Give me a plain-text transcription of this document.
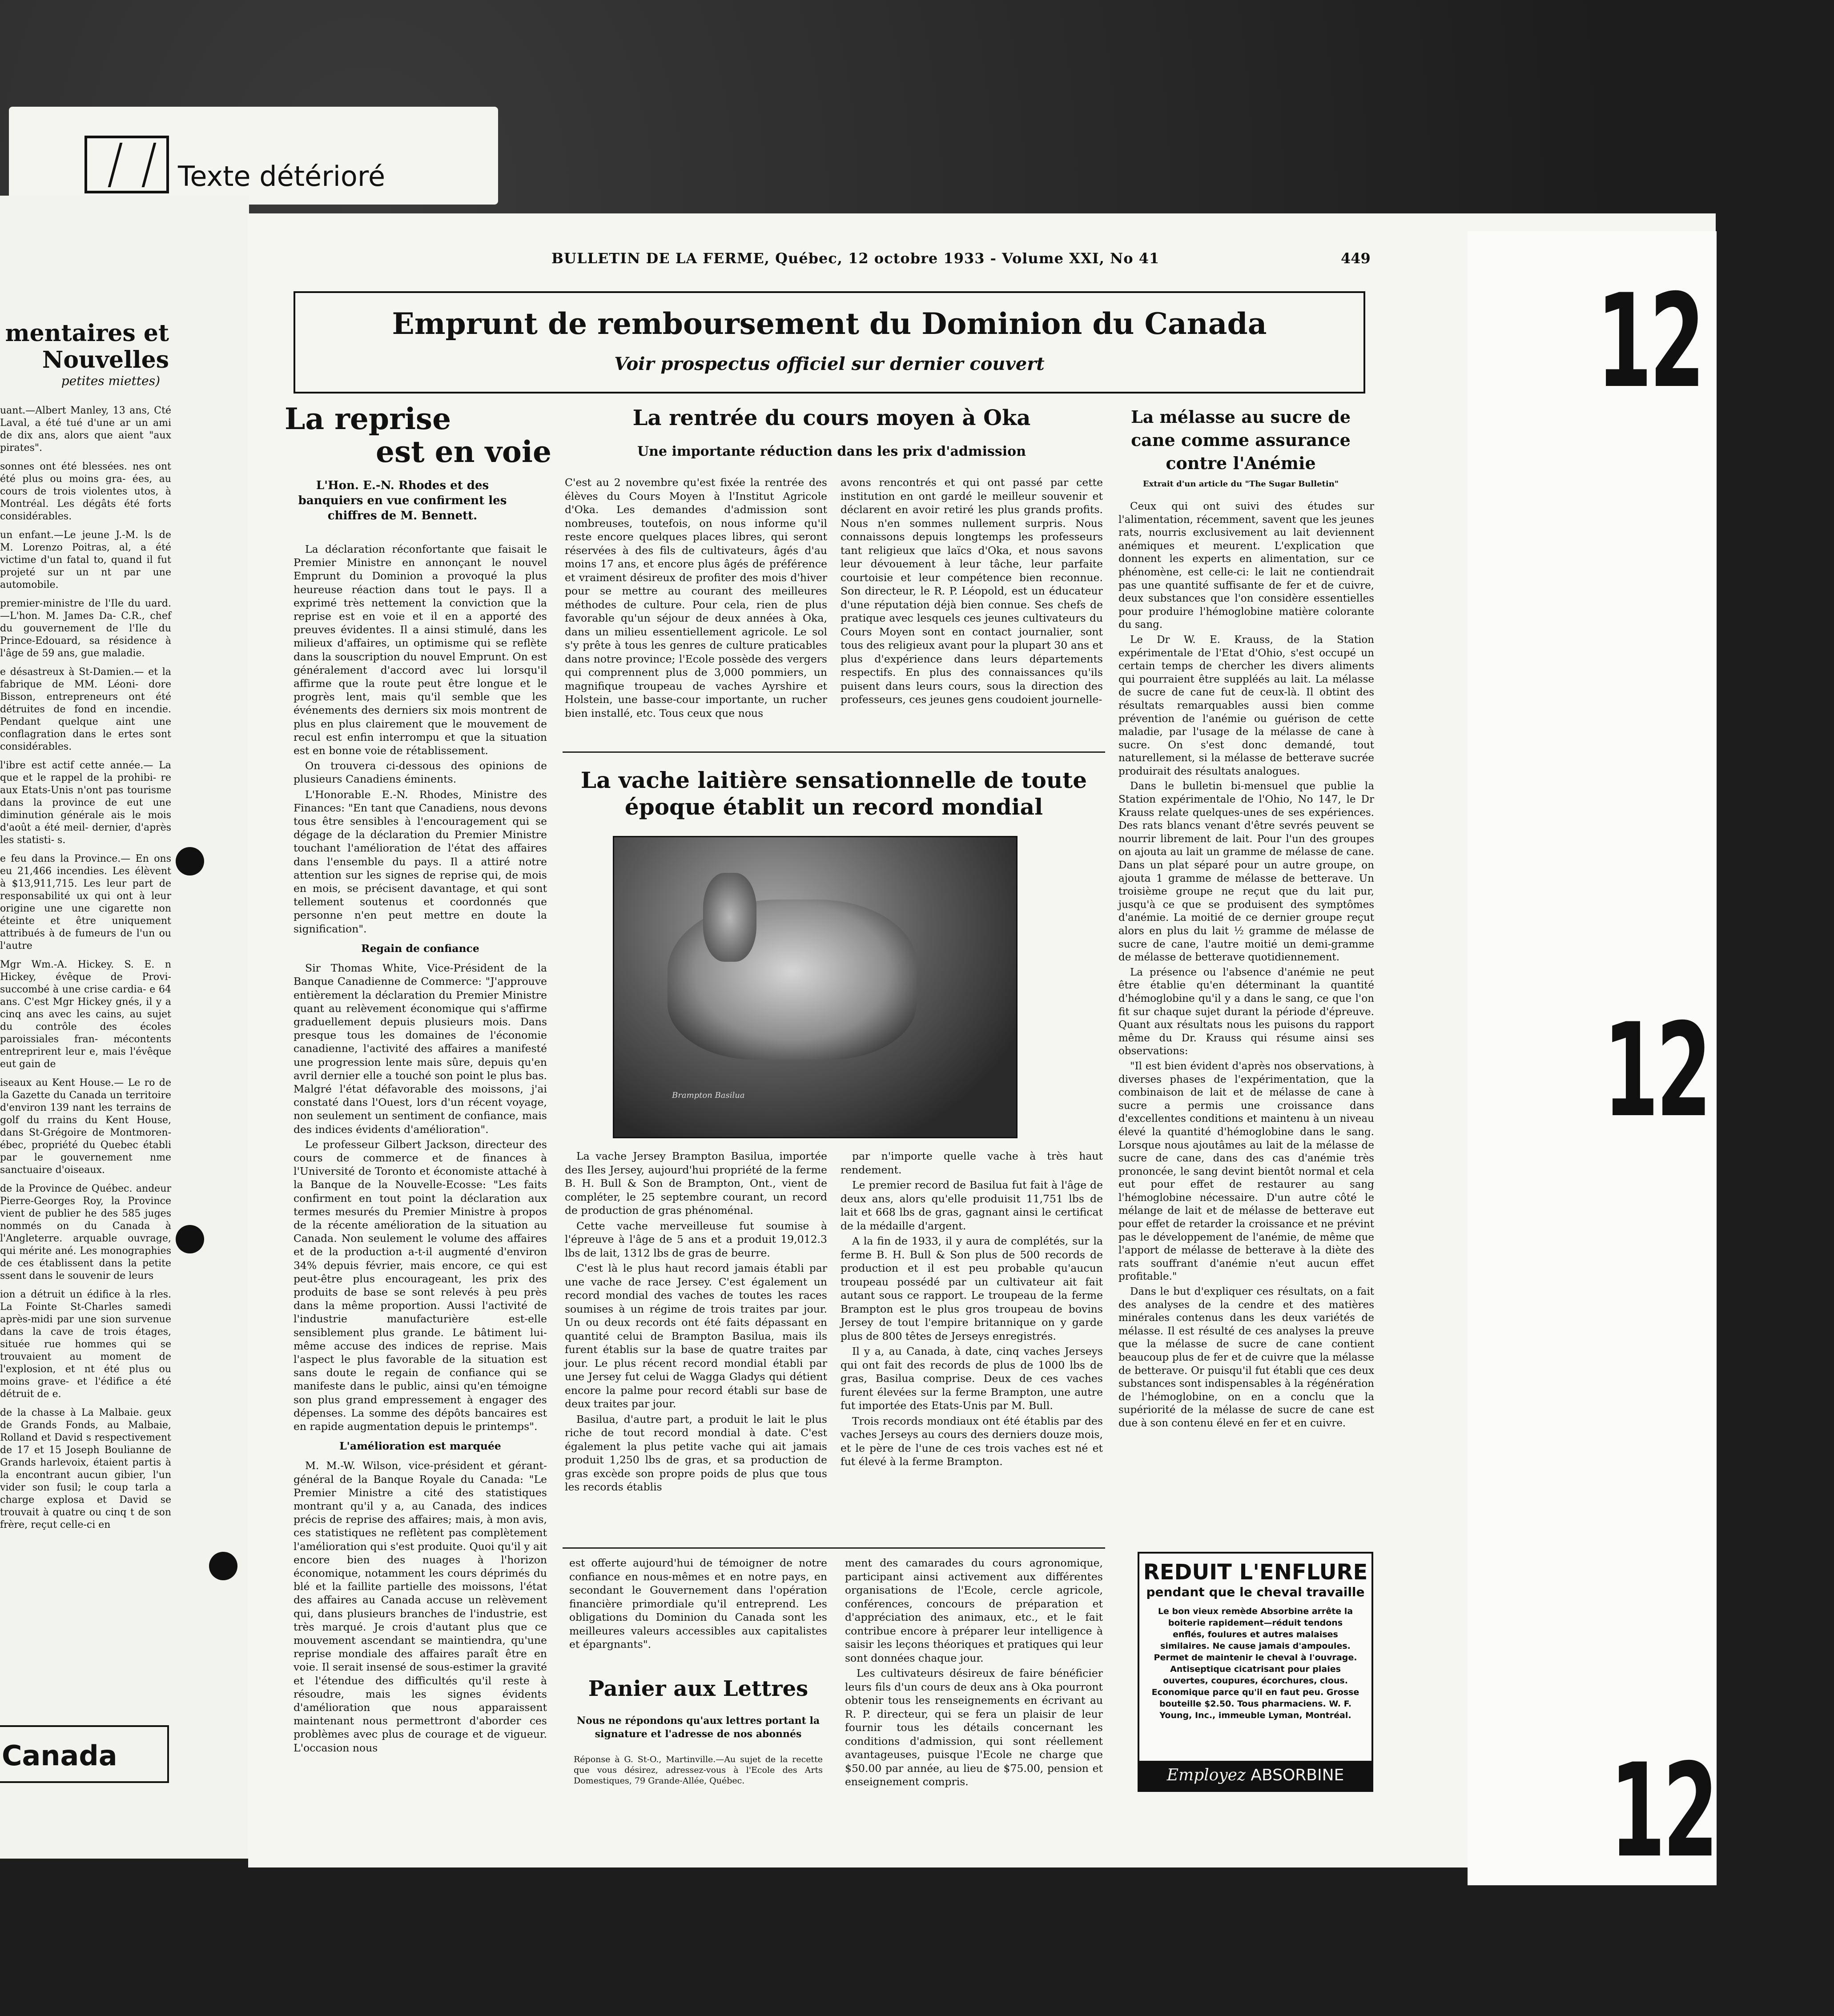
Texte détérioré
mentaires et Nouvelles
petites miettes)

uant.—Albert Manley, 13 ans, Cté Laval, a été tué d'une ar un ami de dix ans, alors que aient "aux pirates".

sonnes ont été blessées. nes ont été plus ou moins gra- ées, au cours de trois violentes utos, à Montréal. Les dégâts été forts considérables.

un enfant.—Le jeune J.-M. ls de M. Lorenzo Poitras, al, a été victime d'un fatal to, quand il fut projeté sur un nt par une automobile.

premier-ministre de l'Ile du uard.—L'hon. M. James Da- C.R., chef du gouvernement de l'Ile du Prince-Edouard, sa résidence à l'âge de 59 ans, gue maladie.

e désastreux à St-Damien.— et la fabrique de MM. Léoni- dore Bisson, entrepreneurs ont été détruites de fond en incendie. Pendant quelque aint une conflagration dans le ertes sont considérables.

l'ibre est actif cette année.— La que et le rappel de la prohibi- re aux Etats-Unis n'ont pas tourisme dans la province de eut une diminution générale ais le mois d'août a été meil- dernier, d'après les statisti- s.

e feu dans la Province.— En ons eu 21,466 incendies. Les élèvent à $13,911,715. Les leur part de responsabilité ux qui ont à leur origine une une cigarette non éteinte et être uniquement attribués à de fumeurs de l'un ou l'autre

Mgr Wm.-A. Hickey. S. E. n Hickey, évêque de Provi- succombé à une crise cardia- e 64 ans. C'est Mgr Hickey gnés, il y a cinq ans avec les cains, au sujet du contrôle des écoles paroissiales fran- mécontents entreprirent leur e, mais l'évêque eut gain de

iseaux au Kent House.— Le ro de la Gazette du Canada un territoire d'environ 139 nant les terrains de golf du rrains du Kent House, dans St-Grégoire de Montmoren- ébec, propriété du Quebec établi par le gouvernement nme sanctuaire d'oiseaux.

de la Province de Québec. andeur Pierre-Georges Roy, la Province vient de publier he des 585 juges nommés on du Canada à l'Angleterre. arquable ouvrage, qui mérite ané. Les monographies de ces établissent dans la petite ssent dans le souvenir de leurs

ion a détruit un édifice à la rles. La Fointe St-Charles samedi après-midi par une sion survenue dans la cave de trois étages, située rue hommes qui se trouvaient au moment de l'explosion, et nt été plus ou moins grave- et l'édifice a été détruit de e.

de la chasse à La Malbaie. geux de Grands Fonds, au Malbaie, Rolland et David s respectivement de 17 et 15 Joseph Boulianne de Grands harlevoix, étaient partis à la encontrant aucun gibier, l'un vider son fusil; le coup tarla a charge explosa et David se trouvait à quatre ou cinq t de son frère, reçut celle-ci en

Canada
12
12
12
BULLETIN DE LA FERME, Québec, 12 octobre 1933 - Volume XXI, No 41	449
Emprunt de remboursement du Dominion du Canada
Voir prospectus officiel sur dernier couvert
La reprise
est en voie
L'Hon. E.-N. Rhodes et des banquiers en vue confirment les chiffres de M. Bennett.

La déclaration réconfortante que faisait le Premier Ministre en annonçant le nouvel Emprunt du Dominion a provoqué la plus heureuse réaction dans tout le pays. Il a exprimé très nettement la conviction que la reprise est en voie et il en a apporté des preuves évidentes. Il a ainsi stimulé, dans les milieux d'affaires, un optimisme qui se reflète dans la souscription du nouvel Emprunt. On est généralement d'accord avec lui lorsqu'il affirme que la route peut être longue et le progrès lent, mais qu'il semble que les événements des derniers six mois montrent de plus en plus clairement que le mouvement de recul est enfin interrompu et que la situation est en bonne voie de rétablissement.

On trouvera ci-dessous des opinions de plusieurs Canadiens éminents.

L'Honorable E.-N. Rhodes, Ministre des Finances: "En tant que Canadiens, nous devons tous être sensibles à l'encouragement qui se dégage de la déclaration du Premier Ministre touchant l'amélioration de l'état des affaires dans l'ensemble du pays. Il a attiré notre attention sur les signes de reprise qui, de mois en mois, se précisent davantage, et qui sont tellement soutenus et coordonnés que personne n'en peut mettre en doute la signification".

Regain de confiance

Sir Thomas White, Vice-Président de la Banque Canadienne de Commerce: "J'approuve entièrement la déclaration du Premier Ministre quant au relèvement économique qui s'affirme graduellement depuis plusieurs mois. Dans presque tous les domaines de l'économie canadienne, l'activité des affaires a manifesté une progression lente mais sûre, depuis qu'en avril dernier elle a touché son point le plus bas. Malgré l'état défavorable des moissons, j'ai constaté dans l'Ouest, lors d'un récent voyage, non seulement un sentiment de confiance, mais des indices évidents d'amélioration".

Le professeur Gilbert Jackson, directeur des cours de commerce et de finances à l'Université de Toronto et économiste attaché à la Banque de la Nouvelle-Ecosse: "Les faits confirment en tout point la déclaration aux termes mesurés du Premier Ministre à propos de la récente amélioration de la situation au Canada. Non seulement le volume des affaires et de la production a-t-il augmenté d'environ 34% depuis février, mais encore, ce qui est peut-être plus encourageant, les prix des produits de base se sont relevés à peu près dans la même proportion. Aussi l'activité de l'industrie manufacturière est-elle sensiblement plus grande. Le bâtiment lui-même accuse des indices de reprise. Mais l'aspect le plus favorable de la situation est sans doute le regain de confiance qui se manifeste dans le public, ainsi qu'en témoigne son plus grand empressement à engager des dépenses. La somme des dépôts bancaires est en rapide augmentation depuis le printemps".

L'amélioration est marquée

M. M.-W. Wilson, vice-président et gérant-général de la Banque Royale du Canada: "Le Premier Ministre a cité des statistiques montrant qu'il y a, au Canada, des indices précis de reprise des affaires; mais, à mon avis, ces statistiques ne reflètent pas complètement l'amélioration qui s'est produite. Quoi qu'il y ait encore bien des nuages à l'horizon économique, notamment les cours déprimés du blé et la faillite partielle des moissons, l'état des affaires au Canada accuse un relèvement qui, dans plusieurs branches de l'industrie, est très marqué. Je crois d'autant plus que ce mouvement ascendant se maintiendra, qu'une reprise mondiale des affaires paraît être en voie. Il serait insensé de sous-estimer la gravité et l'étendue des difficultés qu'il reste à résoudre, mais les signes évidents d'amélioration que nous apparaissent maintenant nous permettront d'aborder ces problèmes avec plus de courage et de vigueur. L'occasion nous

La rentrée du cours moyen à Oka
Une importante réduction dans les prix d'admission
C'est au 2 novembre qu'est fixée la rentrée des élèves du Cours Moyen à l'Institut Agricole d'Oka. Les demandes d'admission sont nombreuses, toutefois, on nous informe qu'il reste encore quelques places libres, qui seront réservées à des fils de cultivateurs, âgés d'au moins 17 ans, et encore plus âgés de préférence et vraiment désireux de profiter des mois d'hiver pour se mettre au courant des meilleures méthodes de culture. Pour cela, rien de plus favorable qu'un séjour de deux années à Oka, dans un milieu essentiellement agricole. Le sol s'y prête à tous les genres de culture praticables dans notre province; l'Ecole possède des vergers qui comprennent plus de 3,000 pommiers, un magnifique troupeau de vaches Ayrshire et Holstein, une basse-cour importante, un rucher bien installé, etc. Tous ceux que nous
avons rencontrés et qui ont passé par cette institution en ont gardé le meilleur souvenir et déclarent en avoir retiré les plus grands profits. Nous n'en sommes nullement surpris. Nous connaissons depuis longtemps les professeurs tant religieux que laïcs d'Oka, et nous savons leur dévouement à leur tâche, leur parfaite courtoisie et leur compétence bien reconnue. Son directeur, le R. P. Léopold, est un éducateur d'une réputation déjà bien connue. Ses chefs de pratique avec lesquels ces jeunes cultivateurs du Cours Moyen sont en contact journalier, sont tous des religieux avant pour la plupart 30 ans et plus d'expérience dans leurs départements respectifs. En plus des connaissances qu'ils puisent dans leurs cours, sous la direction des professeurs, ces jeunes gens coudoient journelle-
La vache laitière sensationnelle de toute
époque établit un record mondial
Brampton Basilua

La vache Jersey Brampton Basilua, importée des Iles Jersey, aujourd'hui propriété de la ferme B. H. Bull & Son de Brampton, Ont., vient de compléter, le 25 septembre courant, un record de production de gras phénoménal.

Cette vache merveilleuse fut soumise à l'épreuve à l'âge de 5 ans et a produit 19,012.3 lbs de lait, 1312 lbs de gras de beurre.

C'est là le plus haut record jamais établi par une vache de race Jersey. C'est également un record mondial des vaches de toutes les races soumises à un régime de trois traites par jour. Un ou deux records ont été faits dépassant en quantité celui de Brampton Basilua, mais ils furent établis sur la base de quatre traites par jour. Le plus récent record mondial établi par une Jersey fut celui de Wagga Gladys qui détient encore la palme pour record établi sur base de deux traites par jour.

Basilua, d'autre part, a produit le lait le plus riche de tout record mondial à date. C'est également la plus petite vache qui ait jamais produit 1,250 lbs de gras, et sa production de gras excède son propre poids de plus que tous les records établis

par n'importe quelle vache à très haut rendement.

Le premier record de Basilua fut fait à l'âge de deux ans, alors qu'elle produisit 11,751 lbs de lait et 668 lbs de gras, gagnant ainsi le certificat de la médaille d'argent.

A la fin de 1933, il y aura de complétés, sur la ferme B. H. Bull & Son plus de 500 records de production et il est peu probable qu'aucun troupeau possédé par un cultivateur ait fait autant sous ce rapport. Le troupeau de la ferme Brampton est le plus gros troupeau de bovins Jersey de tout l'empire britannique on y garde plus de 800 têtes de Jerseys enregistrés.

Il y a, au Canada, à date, cinq vaches Jerseys qui ont fait des records de plus de 1000 lbs de gras, Basilua comprise. Deux de ces vaches furent élevées sur la ferme Brampton, une autre fut importée des Etats-Unis par M. Bull.

Trois records mondiaux ont été établis par des vaches Jerseys au cours des derniers douze mois, et le père de l'une de ces trois vaches est né et fut élevé à la ferme Brampton.

est offerte aujourd'hui de témoigner de notre confiance en nous-mêmes et en notre pays, en secondant le Gouvernement dans l'opération financière primordiale qu'il entreprend. Les obligations du Dominion du Canada sont les meilleures valeurs accessibles aux capitalistes et épargnants".

ment des camarades du cours agronomique, participant ainsi activement aux différentes organisations de l'Ecole, cercle agricole, conférences, concours de préparation et d'appréciation des animaux, etc., et le fait contribue encore à préparer leur intelligence à saisir les leçons théoriques et pratiques qui leur sont données chaque jour.

Les cultivateurs désireux de faire bénéficier leurs fils d'un cours de deux ans à Oka pourront obtenir tous les renseignements en écrivant au R. P. directeur, qui se fera un plaisir de leur fournir tous les détails concernant les conditions d'admission, qui sont réellement avantageuses, puisque l'Ecole ne charge que $50.00 par année, au lieu de $75.00, pension et enseignement compris.

Panier aux Lettres
Nous ne répondons qu'aux lettres portant la signature et l'adresse de nos abonnés
Réponse à G. St-O., Martinville.—Au sujet de la recette que vous désirez, adressez-vous à l'Ecole des Arts Domestiques, 79 Grande-Allée, Québec.
La mélasse au sucre de
cane comme assurance
contre l'Anémie
Extrait d'un article du "The Sugar Bulletin"

Ceux qui ont suivi des études sur l'alimentation, récemment, savent que les jeunes rats, nourris exclusivement au lait deviennent anémiques et meurent. L'explication que donnent les experts en alimentation, sur ce phénomène, est celle-ci: le lait ne contiendrait pas une quantité suffisante de fer et de cuivre, deux substances que l'on considère essentielles pour produire l'hémoglobine matière colorante du sang.

Le Dr W. E. Krauss, de la Station expérimentale de l'Etat d'Ohio, s'est occupé un certain temps de chercher les divers aliments qui pourraient être suppléés au lait. La mélasse de sucre de cane fut de ceux-là. Il obtint des résultats remarquables aussi bien comme prévention de l'anémie ou guérison de cette maladie, par l'usage de la mélasse de cane à sucre. On s'est donc demandé, tout naturellement, si la mélasse de betterave sucrée produirait des résultats analogues.

Dans le bulletin bi-mensuel que publie la Station expérimentale de l'Ohio, No 147, le Dr Krauss relate quelques-unes de ses expériences. Des rats blancs venant d'être sevrés peuvent se nourrir librement de lait. Pour l'un des groupes on ajouta au lait un gramme de mélasse de cane. Dans un plat séparé pour un autre groupe, on ajouta 1 gramme de mélasse de betterave. Un troisième groupe ne reçut que du lait pur, jusqu'à ce que se produisent des symptômes d'anémie. La moitié de ce dernier groupe reçut alors en plus du lait ½ gramme de mélasse de sucre de cane, l'autre moitié un demi-gramme de mélasse de betterave quotidiennement.

La présence ou l'absence d'anémie ne peut être établie qu'en déterminant la quantité d'hémoglobine qu'il y a dans le sang, ce que l'on fit sur chaque sujet durant la période d'épreuve. Quant aux résultats nous les puisons du rapport même du Dr. Krauss qui résume ainsi ses observations:

"Il est bien évident d'après nos observations, à diverses phases de l'expérimentation, que la combinaison de lait et de mélasse de cane à sucre a permis une croissance dans d'excellentes conditions et maintenu à un niveau élevé la quantité d'hémoglobine dans le sang. Lorsque nous ajoutâmes au lait de la mélasse de sucre de cane, dans des cas d'anémie très prononcée, le sang devint bientôt normal et cela eut pour effet de restaurer au sang l'hémoglobine nécessaire. D'un autre côté le mélange de lait et de mélasse de betterave eut pour effet de retarder la croissance et ne prévint pas le développement de l'anémie, de même que l'apport de mélasse de betterave à la diète des rats souffrant d'anémie n'eut aucun effet profitable."

Dans le but d'expliquer ces résultats, on a fait des analyses de la cendre et des matières minérales contenus dans les deux variétés de mélasse. Il est résulté de ces analyses la preuve que la mélasse de sucre de cane contient beaucoup plus de fer et de cuivre que la mélasse de betterave. Or puisqu'il fut établi que ces deux substances sont indispensables à la régénération de l'hémoglobine, on en a conclu que la supériorité de la mélasse de sucre de cane est due à son contenu élevé en fer et en cuivre.

REDUIT L'ENFLURE
pendant que le cheval travaille
Le bon vieux remède Absorbine arrête la boiterie rapidement—réduit tendons enflés, foulures et autres malaises similaires. Ne cause jamais d'ampoules. Permet de maintenir le cheval à l'ouvrage. Antiseptique cicatrisant pour plaies ouvertes, coupures, écorchures, clous. Economique parce qu'il en faut peu. Grosse bouteille $2.50. Tous pharmaciens. W. F. Young, Inc., immeuble Lyman, Montréal.
Employez ABSORBINE
